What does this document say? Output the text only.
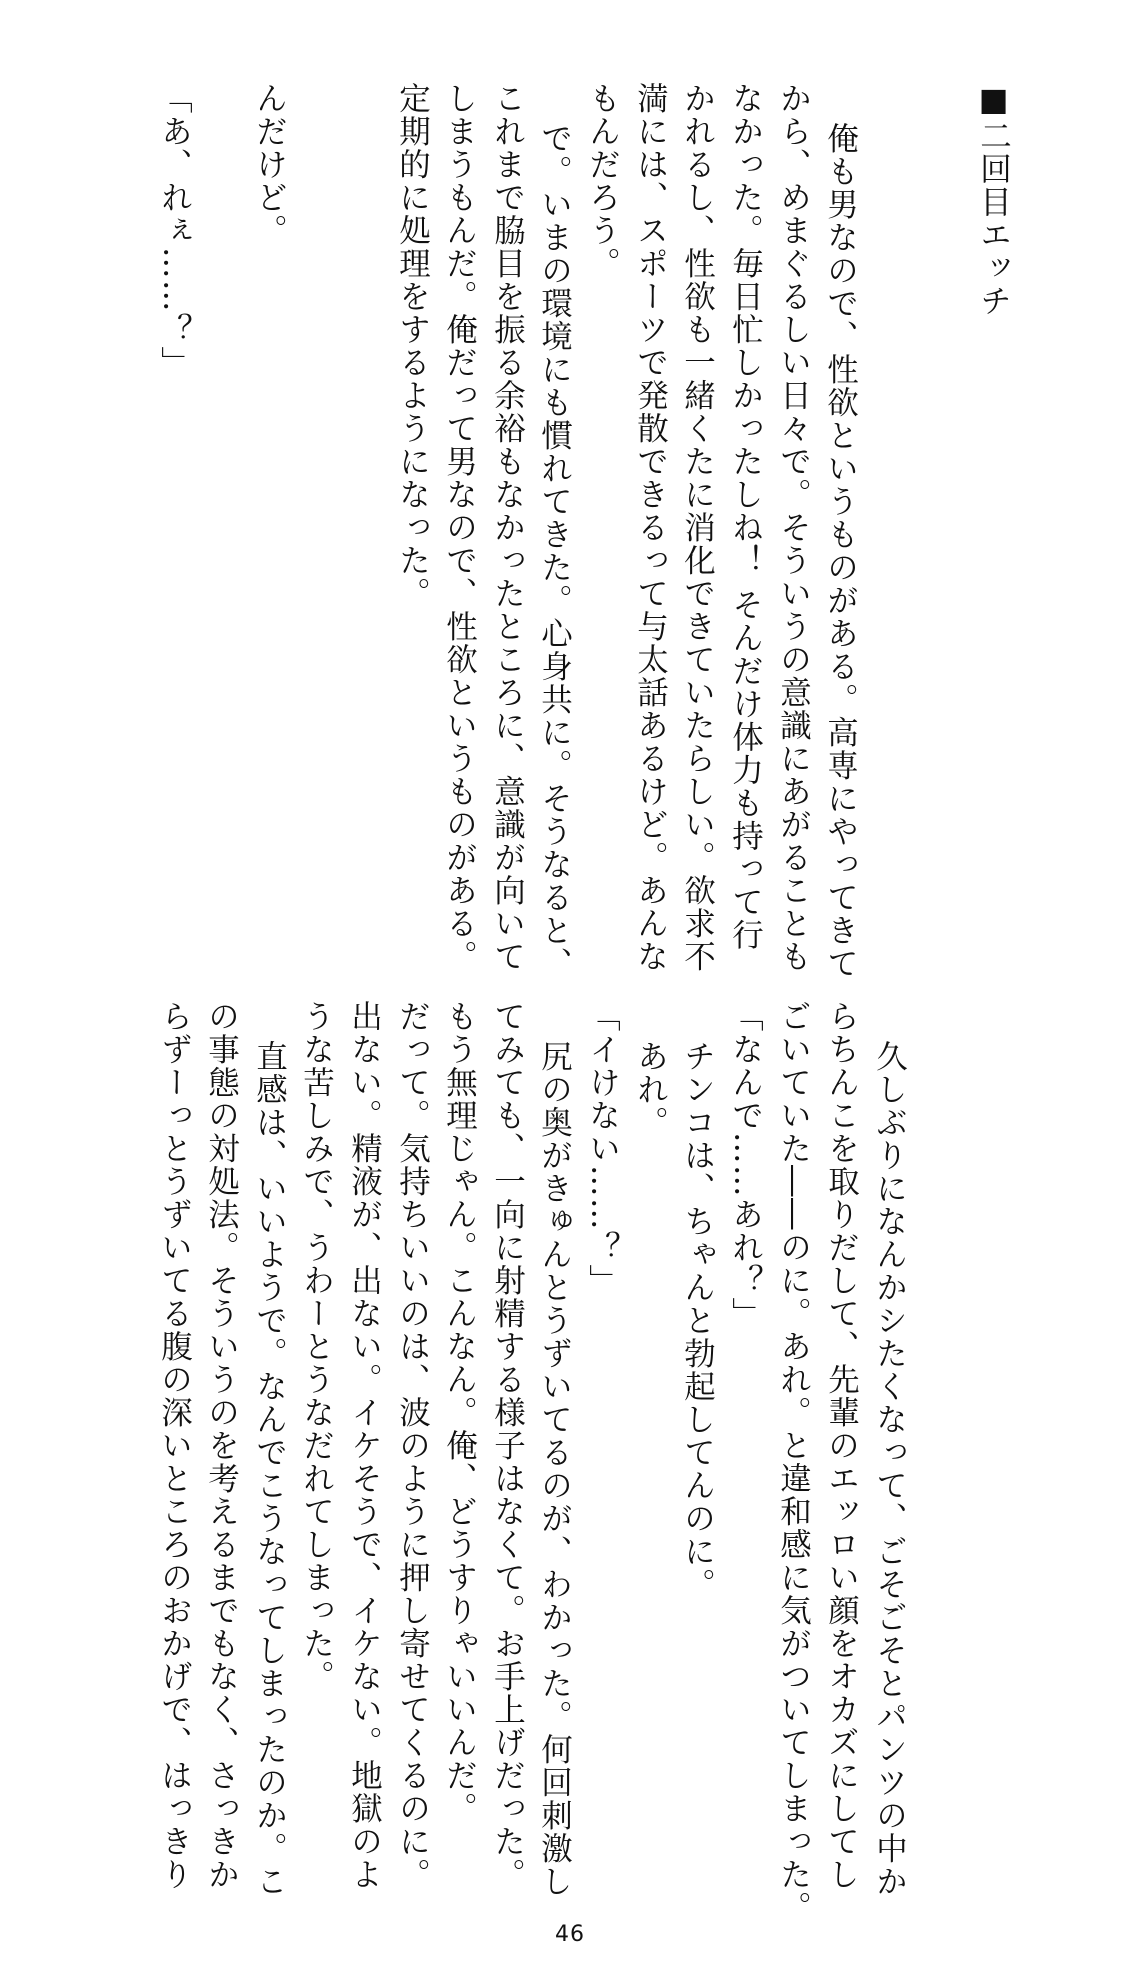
■二回目エッチ
俺も男なので、性欲というものがある。高専にやってきて
から、めまぐるしい日々で。そういうの意識にあがることも
なかった。毎日忙しかったしね！ そんだけ体力も持って行
かれるし、性欲も一緒くたに消化できていたらしい。欲求不
満には、スポーツで発散できるって与太話あるけど。あんな
もんだろう。
で。いまの環境にも慣れてきた。心身共に。そうなると、
これまで脇目を振る余裕もなかったところに、意識が向いて
しまうもんだ。俺だって男なので、性欲というものがある。
定期的に処理をするようになった。
んだけど。
「あ、れぇ……？」
久しぶりになんかシたくなって、ごそごそとパンツの中か
らちんこを取りだして、先輩のエッロい顔をオカズにしてし
ごいていた――のに。あれ。と違和感に気がついてしまった。
「なんで……あれ？」
チンコは、ちゃんと勃起してんのに。
あれ。
「イけない……？」
尻の奥がきゅんとうずいてるのが、わかった。何回刺激し
てみても、一向に射精する様子はなくて。お手上げだった。
もう無理じゃん。こんなん。俺、どうすりゃいいんだ。
だって。気持ちいいのは、波のように押し寄せてくるのに。
出ない。精液が、出ない。イケそうで、イケない。地獄のよ
うな苦しみで、うわーとうなだれてしまった。
直感は、いいようで。なんでこうなってしまったのか。こ
の事態の対処法。そういうのを考えるまでもなく、さっきか
らずーっとうずいてる腹の深いところのおかげで、はっきり
46
